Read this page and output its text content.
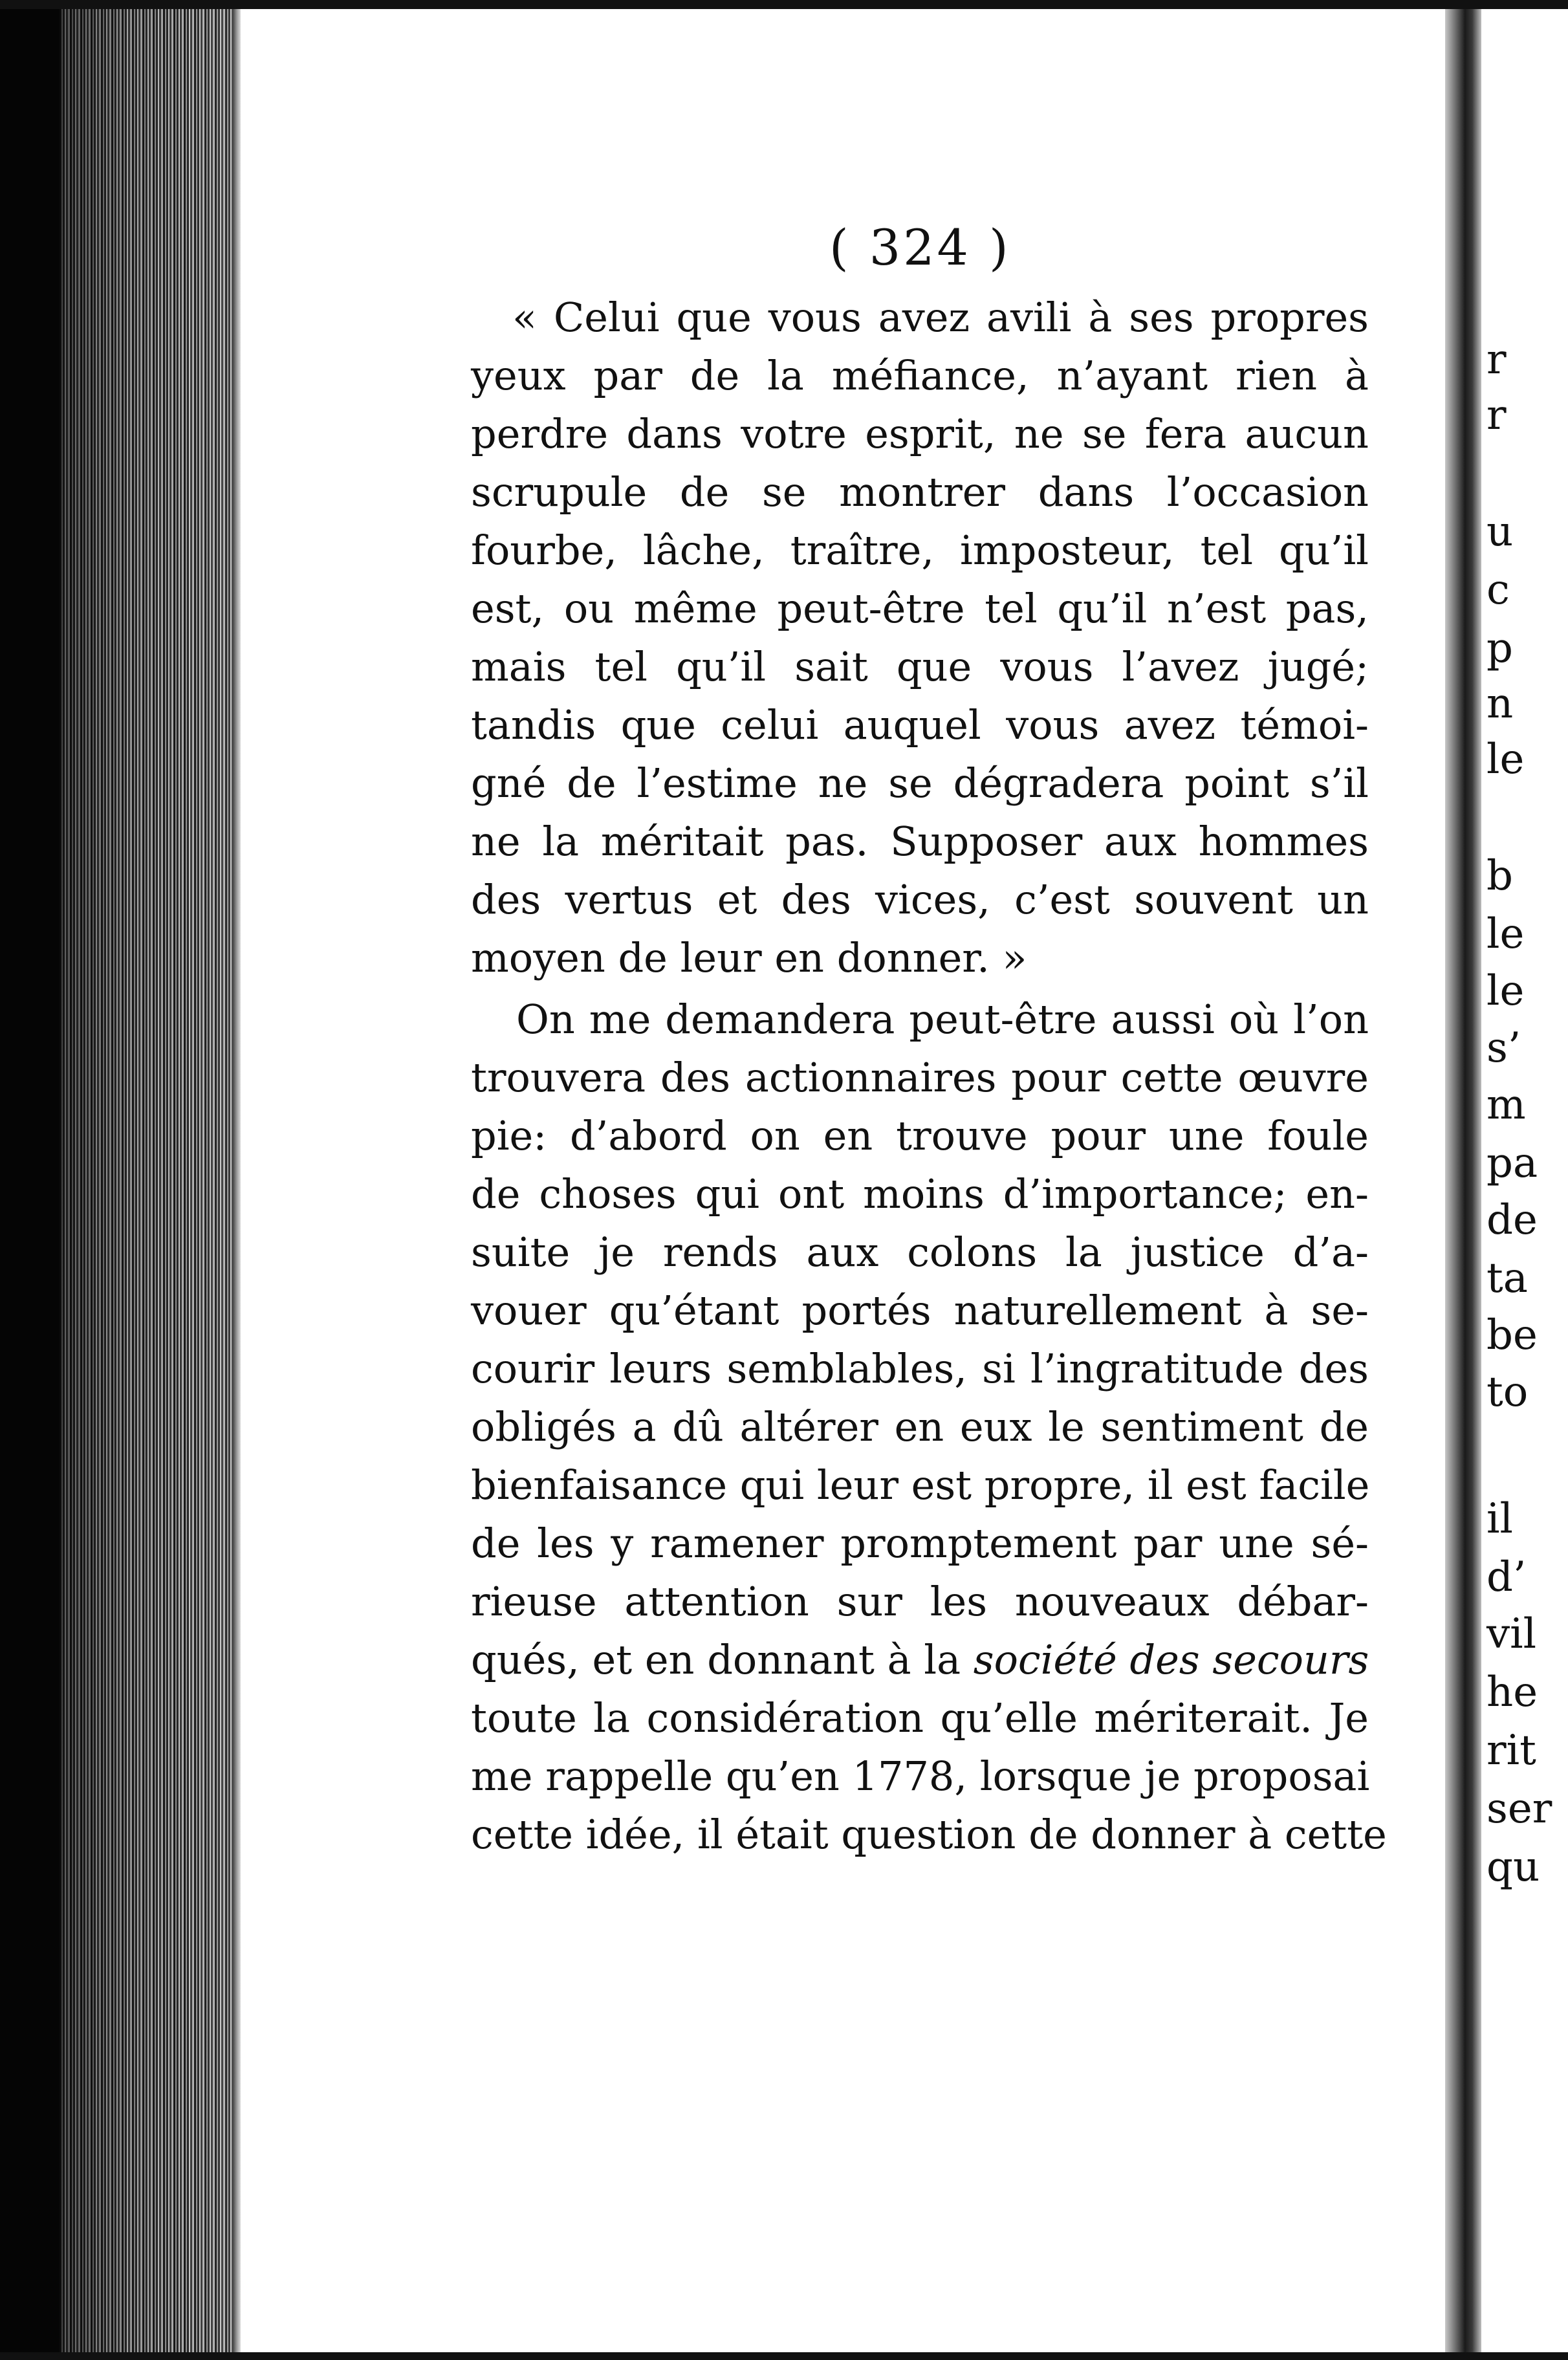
r
r
u
c
p
n
le
b
le
le
s’
m
pa
de
ta
be
to
il
d’
vil
he
rit
ser
qu
( 324 )
« Celui que vous avez avili à ses propres
yeux par de la méfiance, n’ayant rien à
perdre dans votre esprit, ne se fera aucun
scrupule de se montrer dans l’occasion
fourbe, lâche, traître, imposteur, tel qu’il
est, ou même peut-être tel qu’il n’est pas,
mais tel qu’il sait que vous l’avez jugé;
tandis que celui auquel vous avez témoi-
gné de l’estime ne se dégradera point s’il
ne la méritait pas. Supposer aux hommes
des vertus et des vices, c’est souvent un
moyen de leur en donner. »
On me demandera peut-être aussi où l’on
trouvera des actionnaires pour cette œuvre
pie: d’abord on en trouve pour une foule
de choses qui ont moins d’importance; en-
suite je rends aux colons la justice d’a-
vouer qu’étant portés naturellement à se-
courir leurs semblables, si l’ingratitude des
obligés a dû altérer en eux le sentiment de
bienfaisance qui leur est propre, il est facile
de les y ramener promptement par une sé-
rieuse attention sur les nouveaux débar-
qués, et en donnant à la société des secours
toute la considération qu’elle mériterait. Je
me rappelle qu’en 1778, lorsque je proposai
cette idée, il était question de donner à cette
